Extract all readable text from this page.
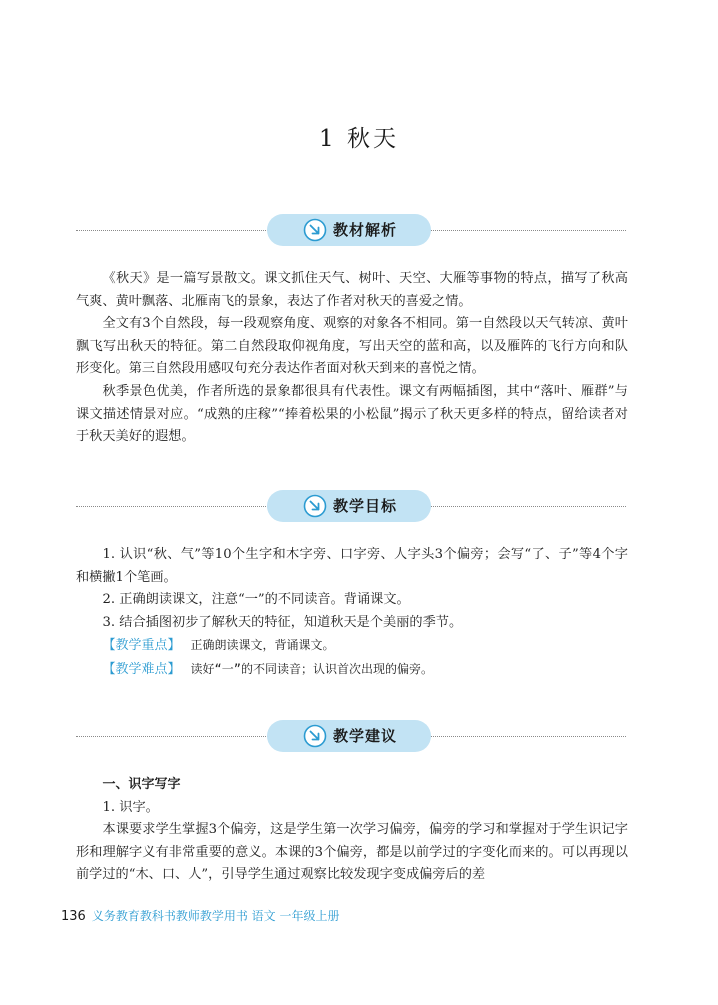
1 秋天
教材解析

《秋天》是一篇写景散文。课文抓住天气、树叶、天空、大雁等事物的特点，描写了秋高气爽、黄叶飘落、北雁南飞的景象，表达了作者对秋天的喜爱之情。

全文有3个自然段，每一段观察角度、观察的对象各不相同。第一自然段以天气转凉、黄叶飘飞写出秋天的特征。第二自然段取仰视角度，写出天空的蓝和高，以及雁阵的飞行方向和队形变化。第三自然段用感叹句充分表达作者面对秋天到来的喜悦之情。

秋季景色优美，作者所选的景象都很具有代表性。课文有两幅插图，其中“落叶、雁群”与课文描述情景对应。“成熟的庄稼”“捧着松果的小松鼠”揭示了秋天更多样的特点，留给读者对于秋天美好的遐想。

教学目标

1. 认识“秋、气”等10个生字和木字旁、口字旁、人字头3个偏旁；会写“了、子”等4个字和横撇1个笔画。

2. 正确朗读课文，注意“一”的不同读音。背诵课文。

3. 结合插图初步了解秋天的特征，知道秋天是个美丽的季节。

【教学重点】 正确朗读课文，背诵课文。

【教学难点】 读好“一”的不同读音；认识首次出现的偏旁。

教学建议

一、识字写字

1. 识字。

本课要求学生掌握3个偏旁，这是学生第一次学习偏旁，偏旁的学习和掌握对于学生识记字形和理解字义有非常重要的意义。本课的3个偏旁，都是以前学过的字变化而来的。可以再现以前学过的“木、口、人”，引导学生通过观察比较发现字变成偏旁后的差

136 义务教育教科书教师教学用书 语文 一年级上册
